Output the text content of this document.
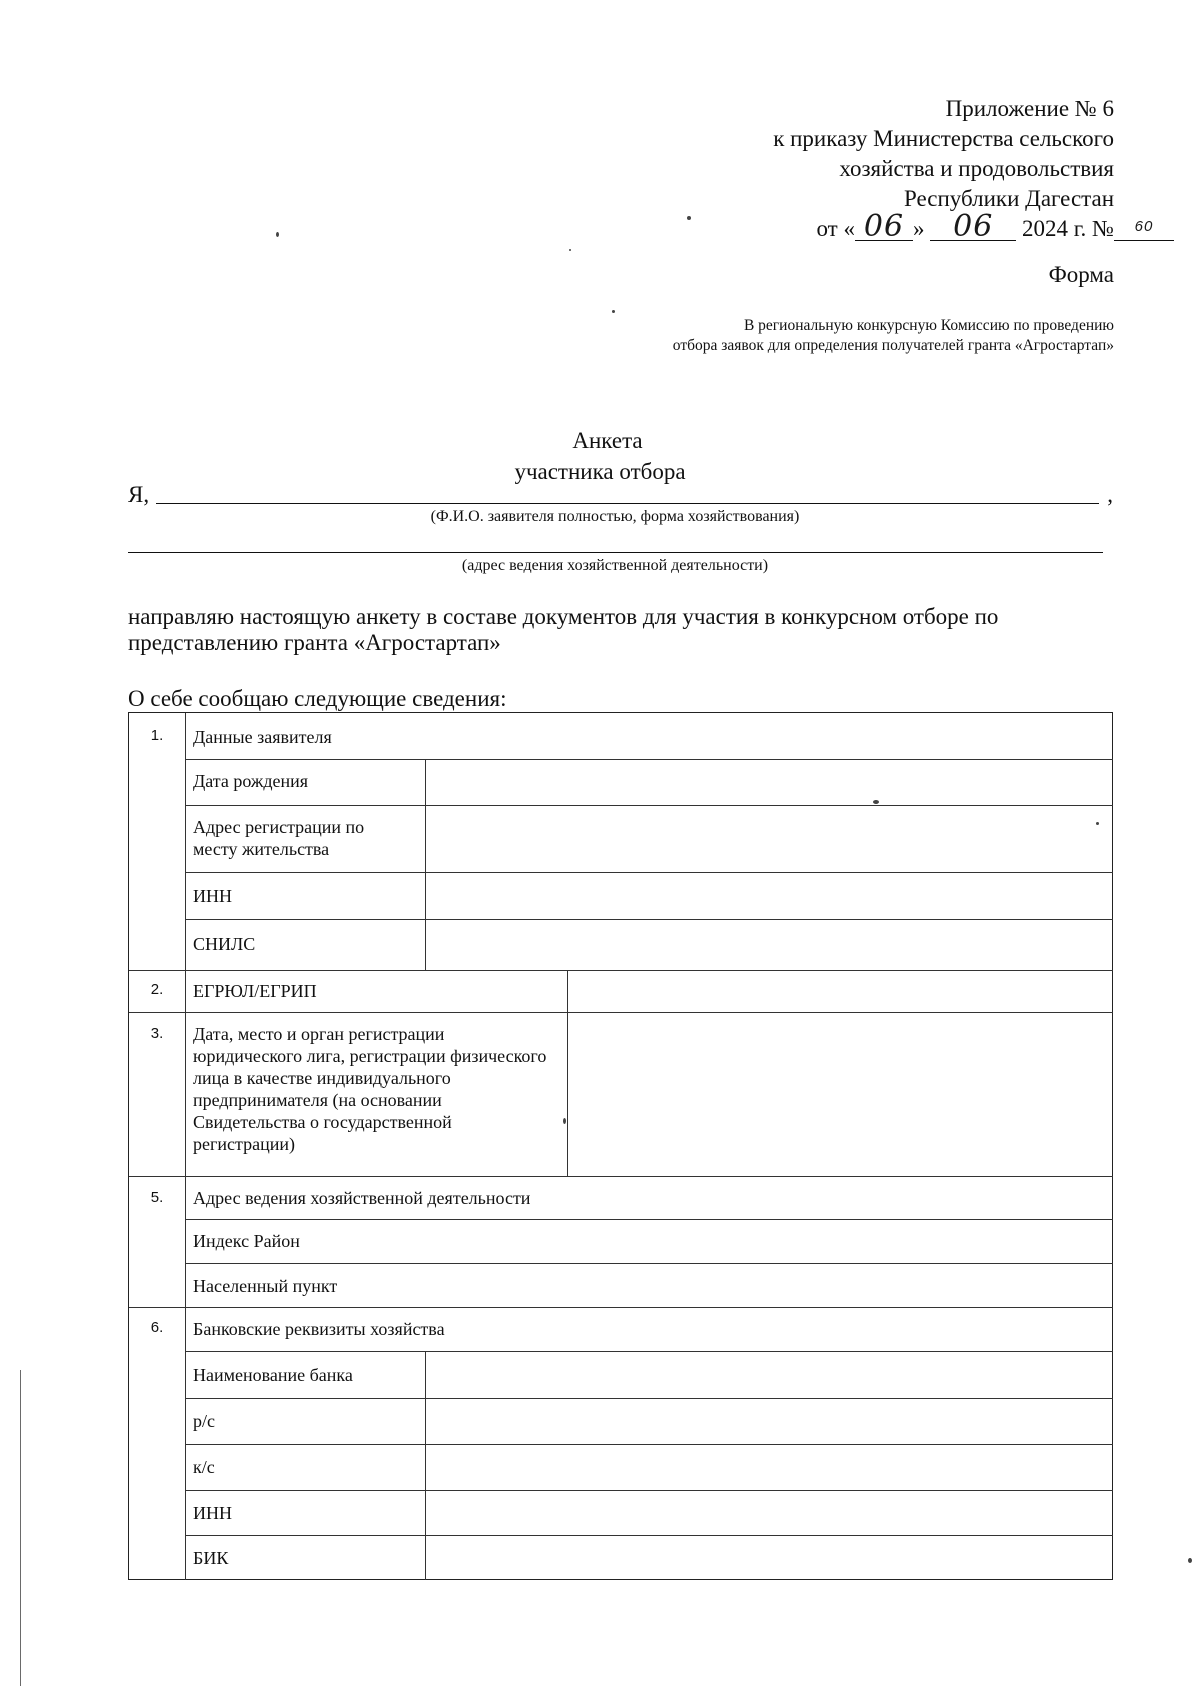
Приложение № 6
к приказу Министерства сельского
хозяйства и продовольствия
Республики Дагестан
от « 06 » 06 2024 г. №	60
Форма
В региональную конкурсную Комиссию по проведению
отбора заявок для определения получателей гранта «Агростартап»
Анкета
участника отбора
Я,	,
(Ф.И.О. заявителя полностью, форма хозяйствования)
(адрес ведения хозяйственной деятельности)
направляю настоящую анкету в составе документов для участия в конкурсном отборе по представлению гранта «Агростартап»
О себе сообщаю следующие сведения:
1.	Данные заявителя
Дата рождения
Адрес регистрации по месту жительства
ИНН
СНИЛС
2.	ЕГРЮЛ/ЕГРИП
3.	Дата, место и орган регистрации юридического лига, регистрации физического лица в качестве индивидуального предпринимателя (на основании Свидетельства о государственной регистрации)
5.	Адрес ведения хозяйственной деятельности
Индекс Район
Населенный пункт
6.	Банковские реквизиты хозяйства
Наименование банка
р/с
к/с
ИНН
БИК
